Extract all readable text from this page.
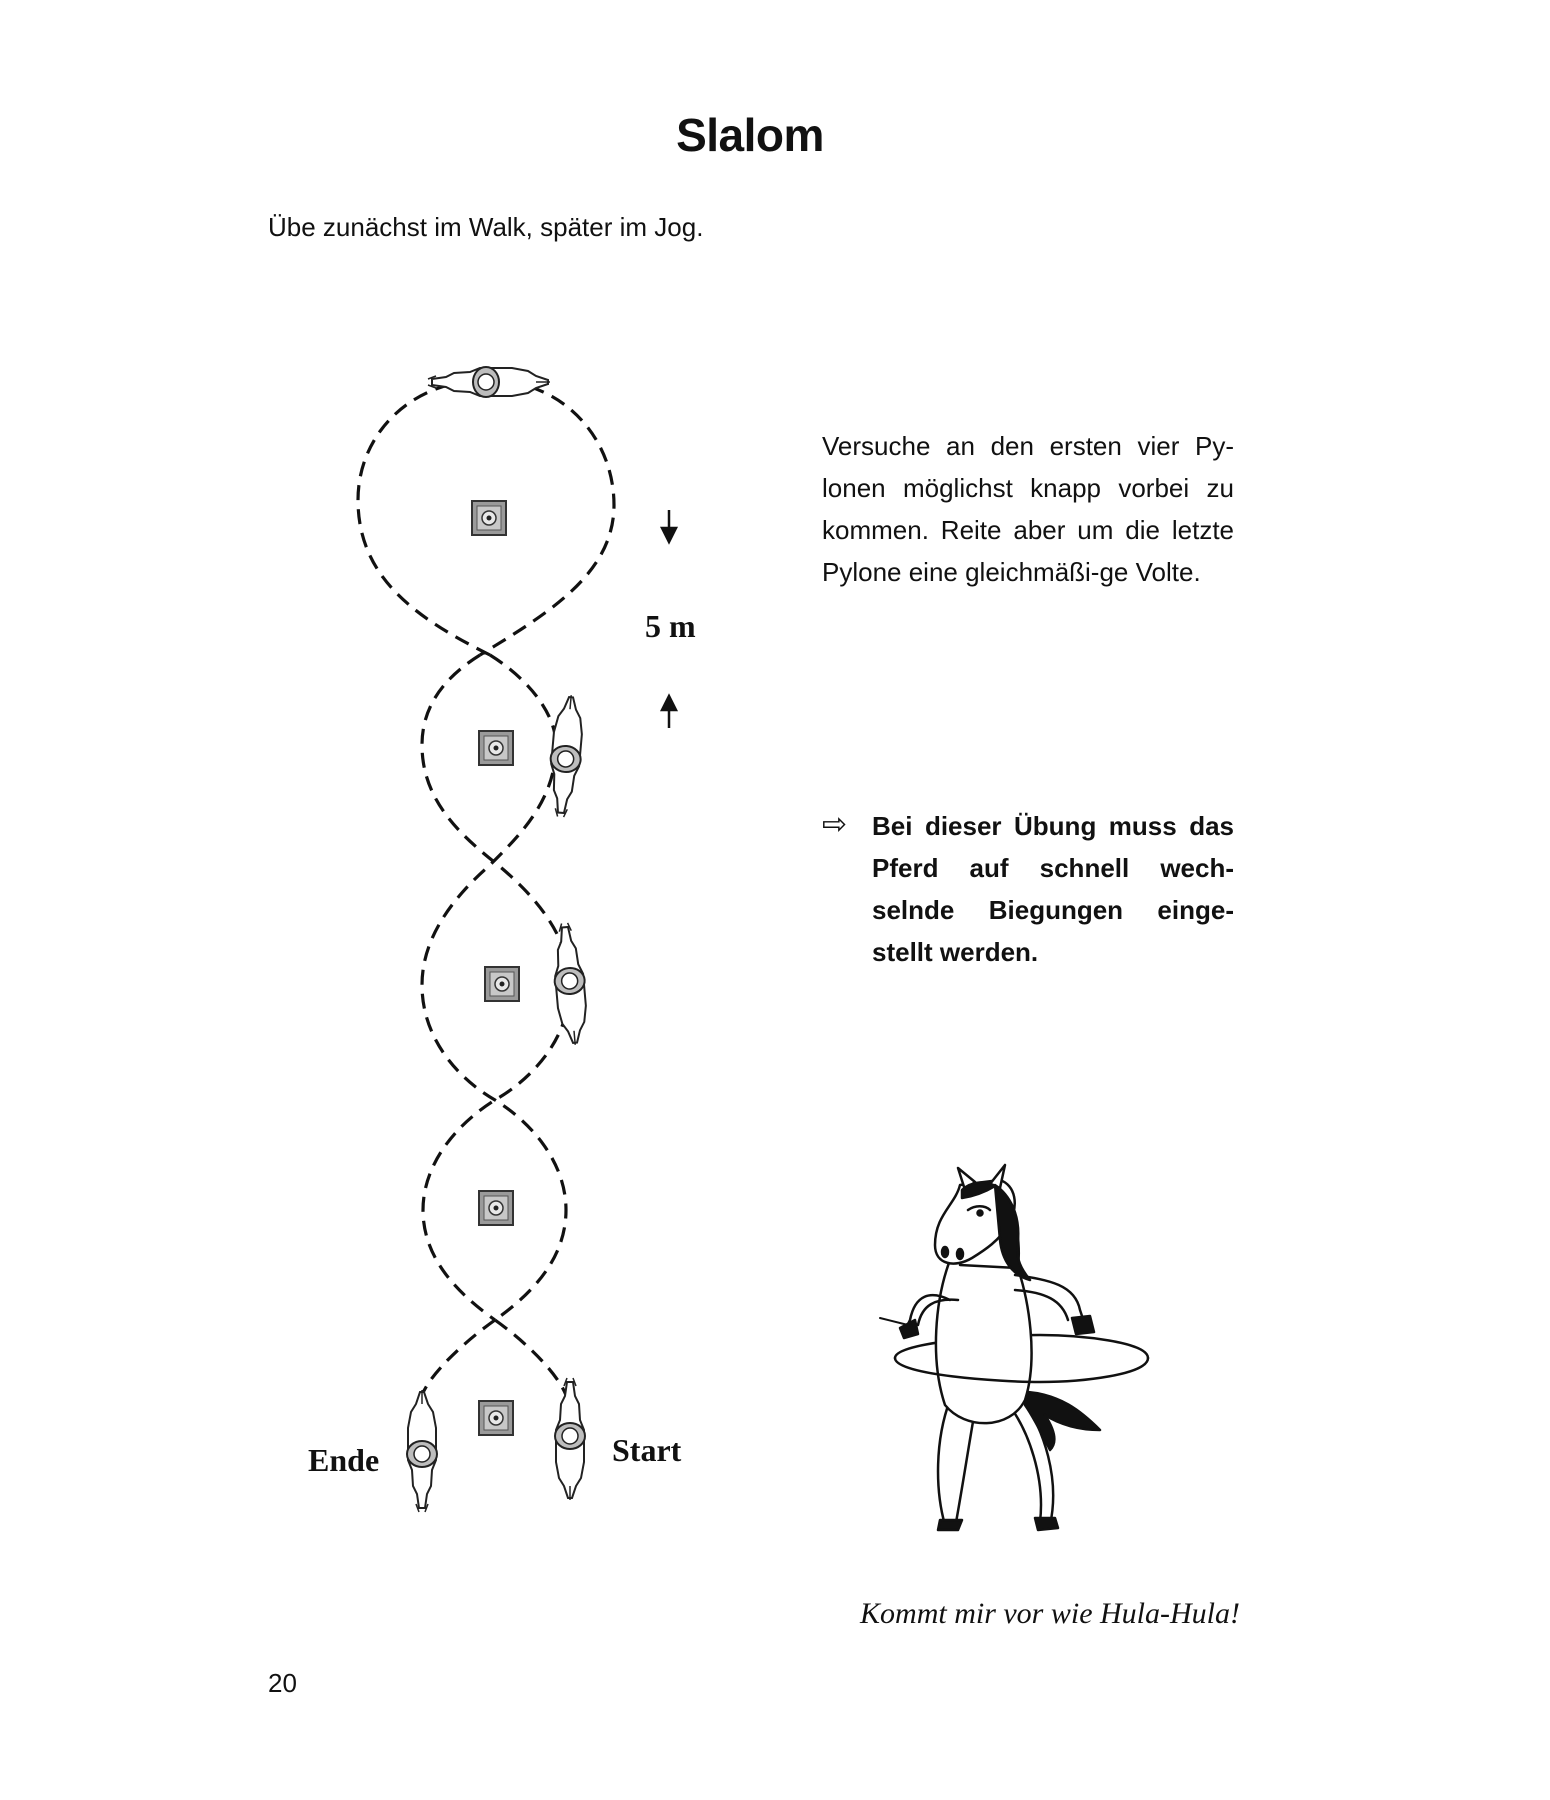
Slalom
Übe zunächst im Walk, später im Jog.
Versuche an den ersten vier Py-lonen möglichst knapp vorbei zu kommen. Reite aber um die letzte Pylone eine gleichmäßi-ge Volte.
⇨ Bei dieser Übung muss das Pferd auf schnell wech-selnde Biegungen einge-stellt werden.
5 m
Start
Ende
Kommt mir vor wie Hula-Hula!
20
